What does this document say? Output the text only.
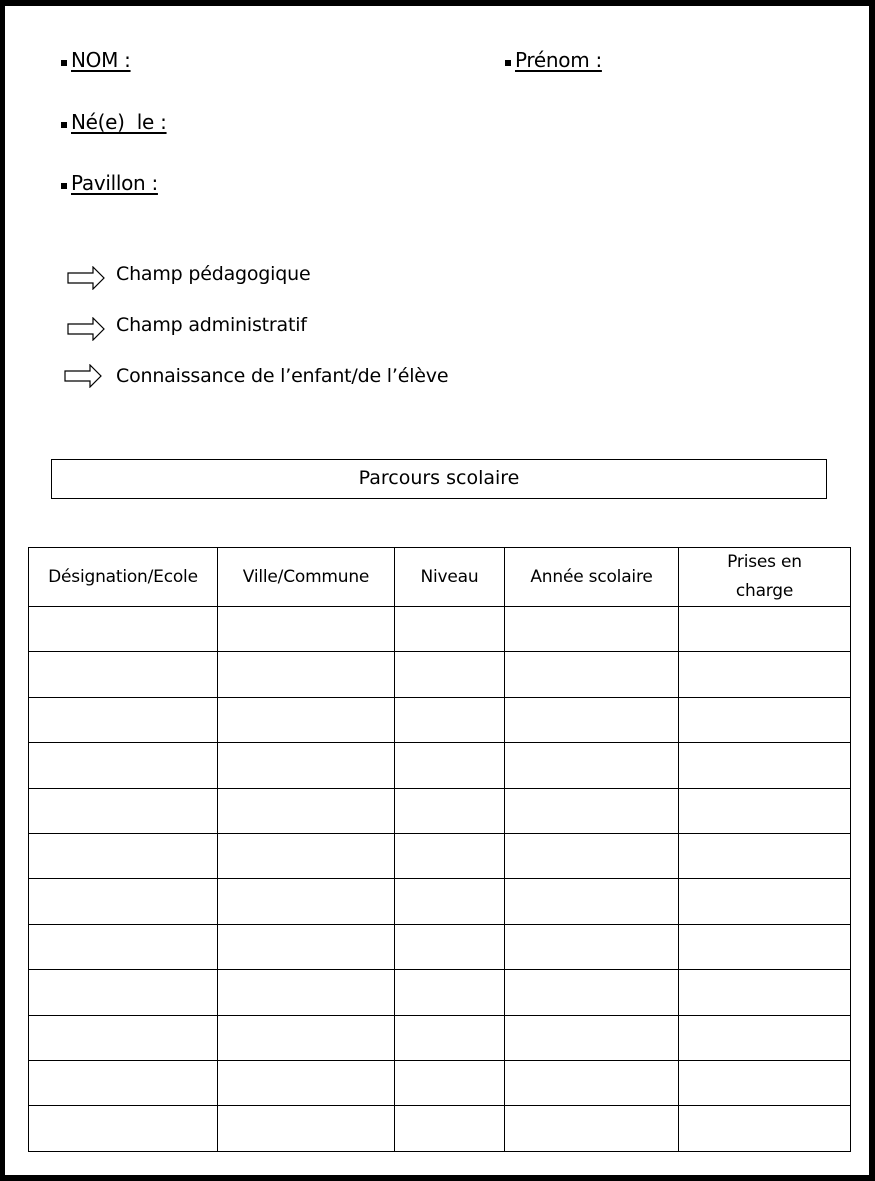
NOM :	Prénom :
Né(e)  le :
Pavillon :
Champ pédagogique
Champ administratif
Connaissance de l’enfant/de l’élève
Parcours scolaire
Désignation/Ecole	Ville/Commune	Niveau	Année scolaire	Prises en charge
